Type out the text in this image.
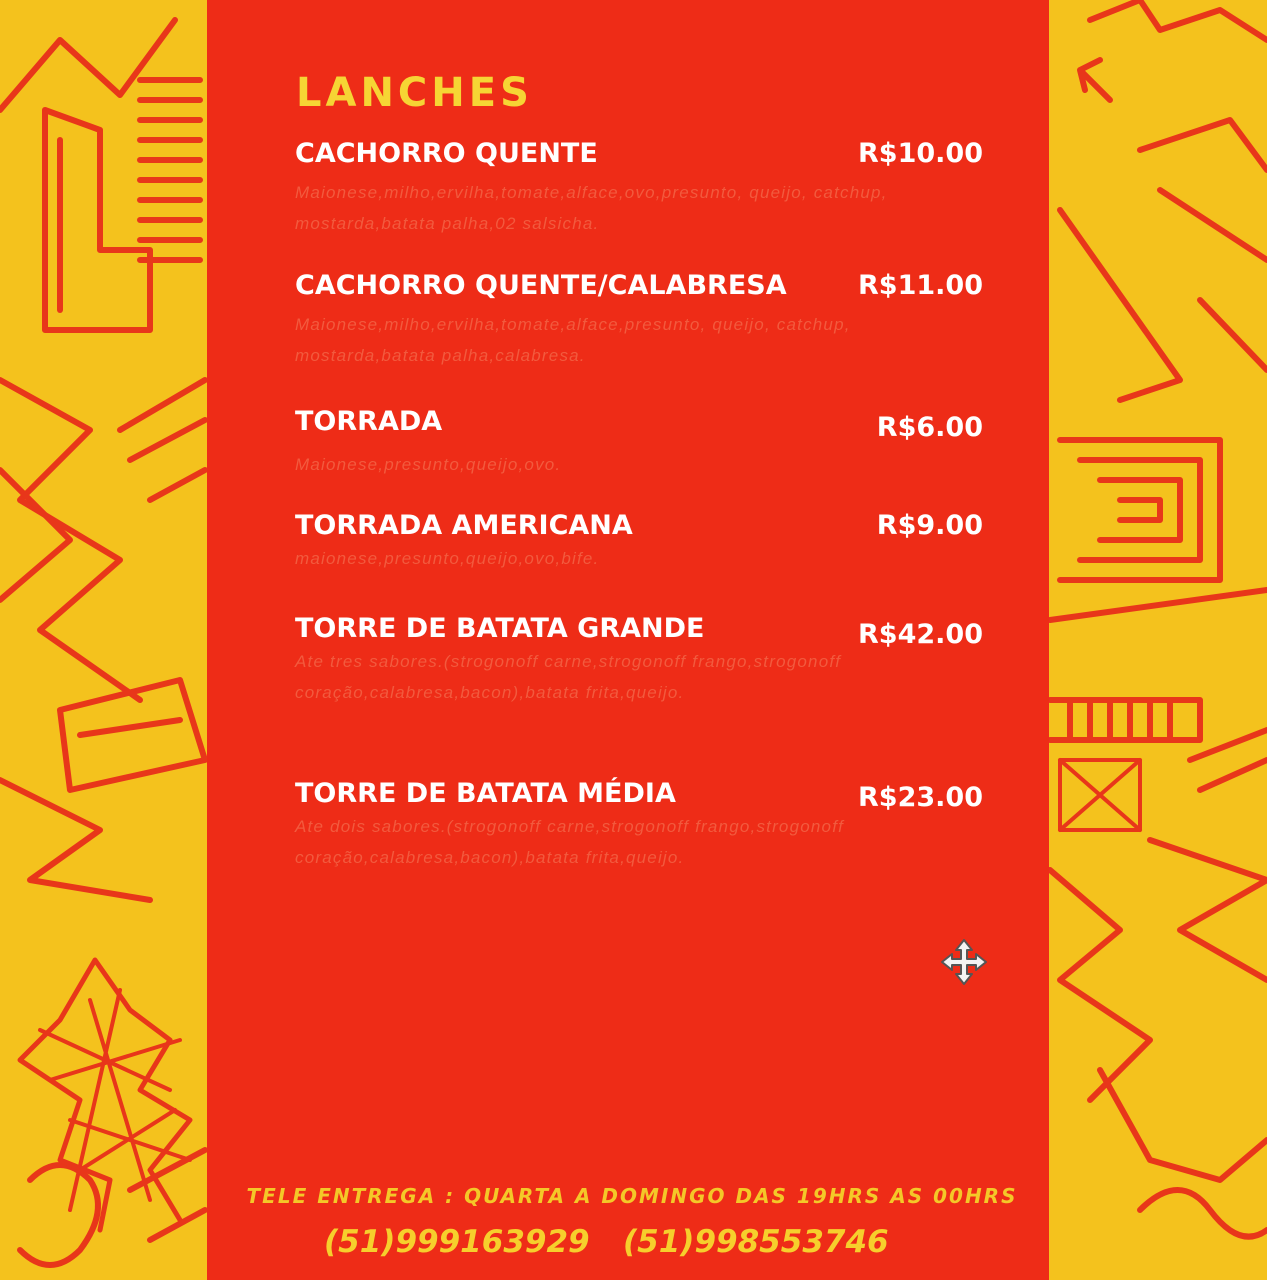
LANCHES
CACHORRO QUENTE	R$10.00
Maionese,milho,ervilha,tomate,alface,ovo,presunto, queijo, catchup, mostarda,batata palha,02 salsicha.
CACHORRO QUENTE/CALABRESA	R$11.00
Maionese,milho,ervilha,tomate,alface,presunto, queijo, catchup, mostarda,batata palha,calabresa.
TORRADA	R$6.00
Maionese,presunto,queijo,ovo.
TORRADA AMERICANA	R$9.00
maionese,presunto,queijo,ovo,bife.
TORRE DE BATATA GRANDE	R$42.00
Ate tres sabores.(strogonoff carne,strogonoff frango,strogonoff coração,calabresa,bacon),batata frita,queijo.
TORRE DE BATATA MÉDIA	R$23.00
Ate dois sabores.(strogonoff carne,strogonoff frango,strogonoff coração,calabresa,bacon),batata frita,queijo.
TELE ENTREGA : QUARTA A DOMINGO DAS 19HRS AS 00HRS
(51)999163929 (51)998553746
